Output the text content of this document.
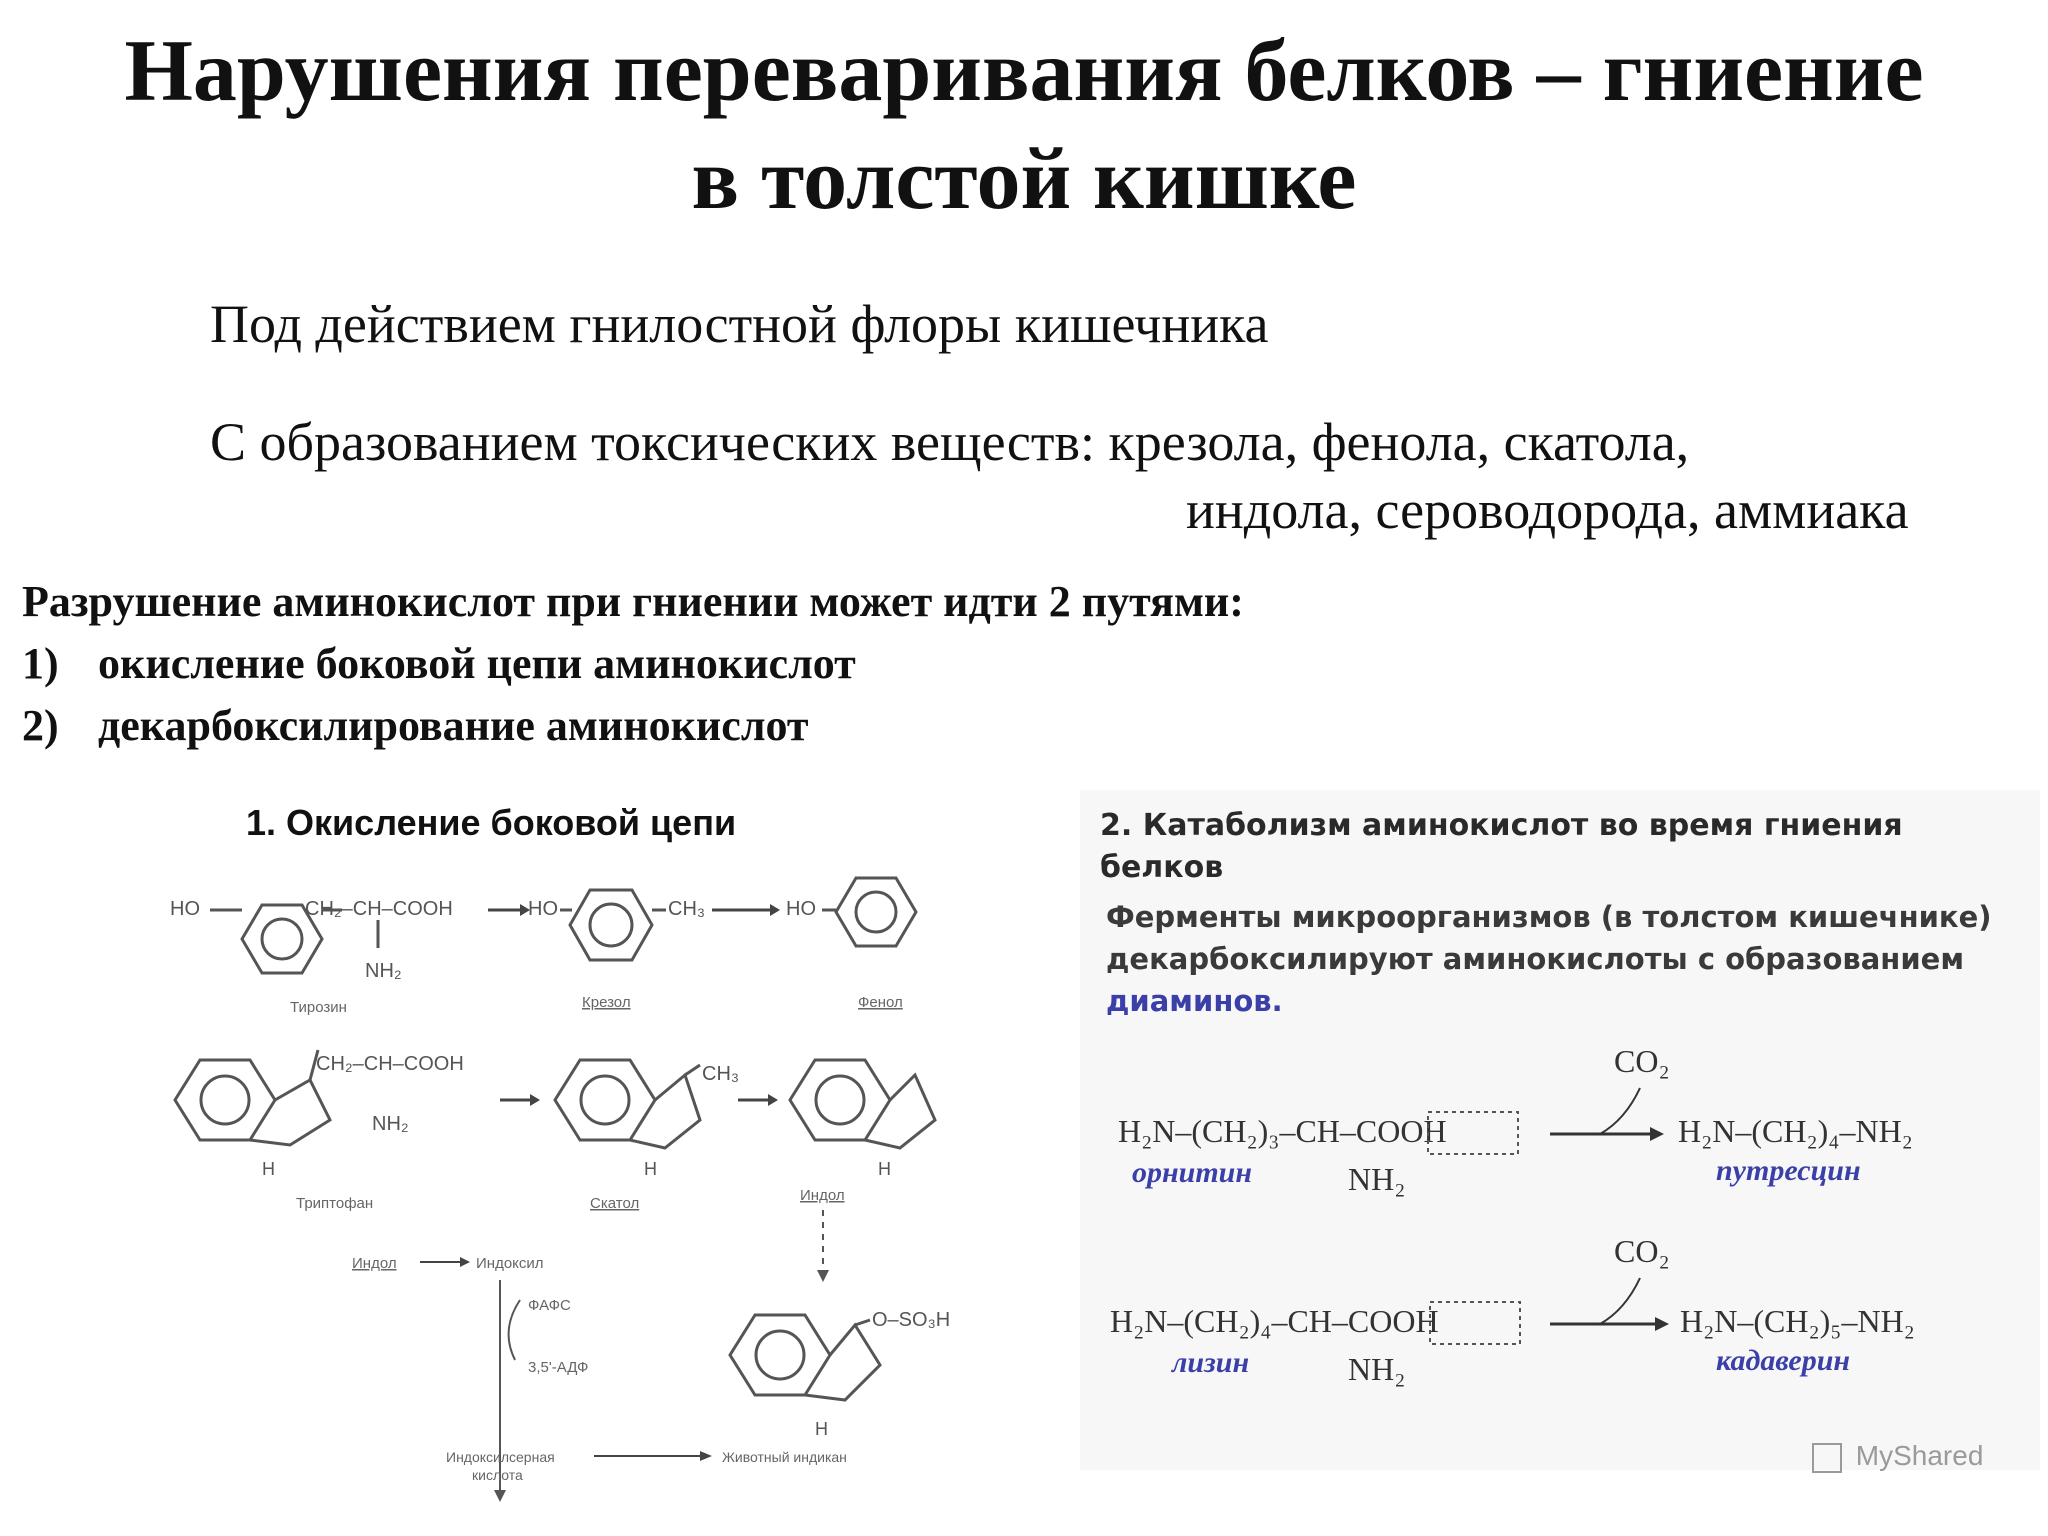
Нарушения переваривания белков – гниение
в толстой кишке
Под действием гнилостной флоры кишечника
С образованием токсических веществ: крезола, фенола, скатола,
индола, сероводорода, аммиака
Разрушение аминокислот при гниении может идти 2 путями:
1) окисление боковой цепи аминокислот
2) декарбоксилирование аминокислот
1. Окисление боковой цепи
HO	CH₂–CH–COOH
NH₂
Тирозин
HO	CH₃
Крезол
HO
Фенол
CH₂–CH–COOH
NH₂
H
Триптофан
CH₃
H
Скатол
H
Индол
Индол	Индоксил
ФАФС
3,5'-АДФ
O–SO₃H
H
Индоксилсерная
кислота
Животный индикан
2. Катаболизм аминокислот во время гниения
белков
Ферменты микроорганизмов (в толстом кишечнике)
декарбоксилируют аминокислоты с образованием
диаминов.
CO₂
H₂N–(CH₂)₃–CH–COOH
NH₂
орнитин
H₂N–(CH₂)₄–NH₂
путресцин
CO₂
H₂N–(CH₂)₄–CH–COOH
NH₂
лизин
H₂N–(CH₂)₅–NH₂
кадаверин
MyShared
